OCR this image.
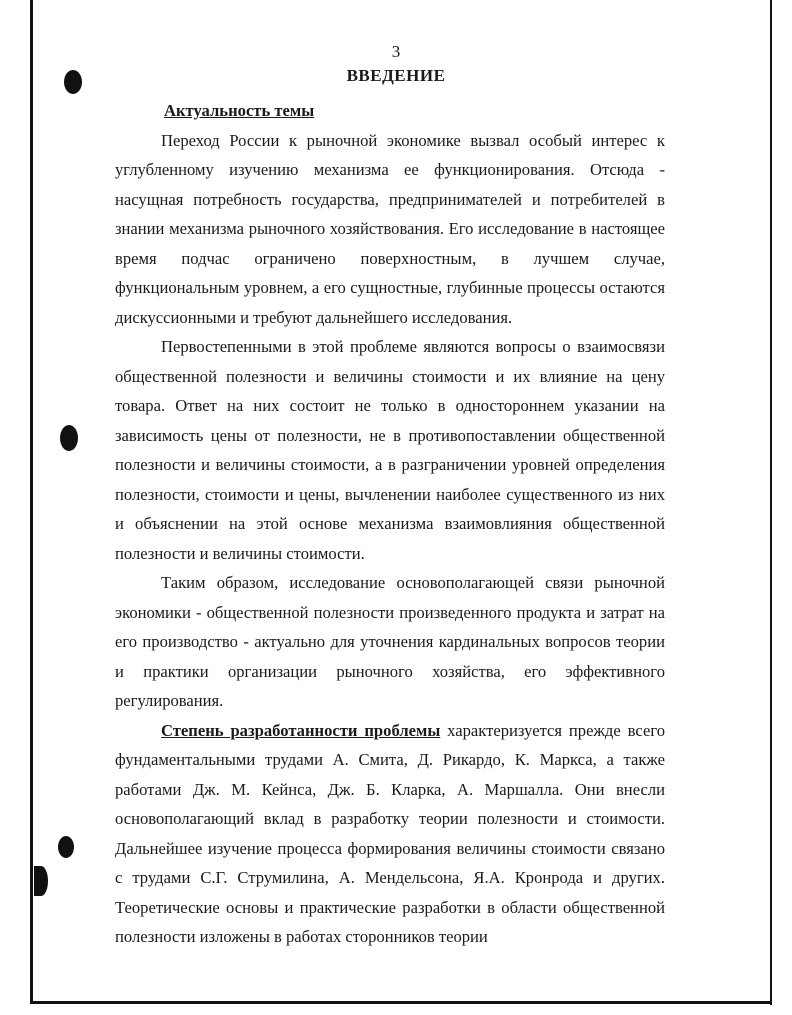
3
ВВЕДЕНИЕ

Актуальность темы

Переход России к рыночной экономике вызвал особый интерес к углубленному изучению механизма ее функционирования. Отсюда - насущная потребность государства, предпринимателей и потребителей в знании механизма рыночного хозяйствования. Его исследование в настоящее время подчас ограничено поверхностным, в лучшем случае, функциональным уровнем, а его сущностные, глубинные процессы остаются дискуссионными и требуют дальнейшего исследования.

Первостепенными в этой проблеме являются вопросы о взаимосвязи общественной полезности и величины стоимости и их влияние на цену товара. Ответ на них состоит не только в одностороннем указании на зависимость цены от полезности, не в противопоставлении общественной полезности и величины стоимости, а в разграничении уровней определения полезности, стоимости и цены, вычленении наиболее существенного из них и объяснении на этой основе механизма взаимовлияния общественной полезности и величины стоимости.

Таким образом, исследование основополагающей связи рыночной экономики - общественной полезности произведенного продукта и затрат на его производство - актуально для уточнения кардинальных вопросов теории и практики организации рыночного хозяйства, его эффективного регулирования.

Степень разработанности проблемы характеризуется прежде всего фундаментальными трудами А. Смита, Д. Рикардо, К. Маркса, а также работами Дж. М. Кейнса, Дж. Б. Кларка, А. Маршалла. Они внесли основополагающий вклад в разработку теории полезности и стоимости. Дальнейшее изучение процесса формирования величины стоимости связано с трудами С.Г. Струмилина, А. Мендельсона, Я.А. Кронрода и других. Теоретические основы и практические разработки в области общественной полезности изложены в работах сторонников теории
